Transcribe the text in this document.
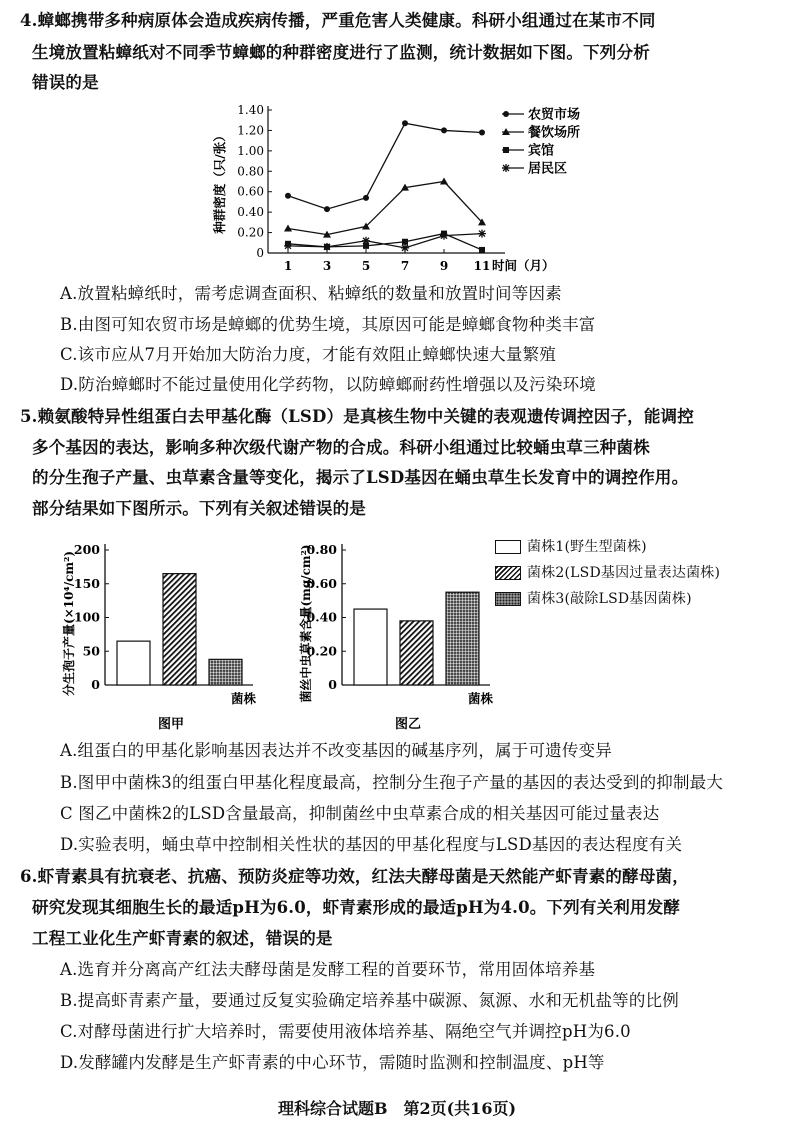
4.蟑螂携带多种病原体会造成疾病传播，严重危害人类健康。科研小组通过在某市不同
生境放置粘蟑纸对不同季节蟑螂的种群密度进行了监测，统计数据如下图。下列分析
错误的是
1.40
1.20
1.00
0.80
0.60
0.40
0.20
0
1	3	5	7	9 11 时间（月）
种群密度（只/张）
农贸市场
餐饮场所
宾馆
居民区
A.放置粘蟑纸时，需考虑调查面积、粘蟑纸的数量和放置时间等因素
B.由图可知农贸市场是蟑螂的优势生境，其原因可能是蟑螂食物种类丰富
C.该市应从7月开始加大防治力度，才能有效阻止蟑螂快速大量繁殖
D.防治蟑螂时不能过量使用化学药物，以防蟑螂耐药性增强以及污染环境
5.赖氨酸特异性组蛋白去甲基化酶（LSD）是真核生物中关键的表观遗传调控因子，能调控
多个基因的表达，影响多种次级代谢产物的合成。科研小组通过比较蛹虫草三种菌株
的分生孢子产量、虫草素含量等变化，揭示了LSD基因在蛹虫草生长发育中的调控作用。
部分结果如下图所示。下列有关叙述错误的是
200
150
100
50
0
菌株
分生孢子产量(×10⁴/cm²)
图甲
0.80
0.60
0.40
0.20
0
菌株
菌丝中虫草素含量(mg/cm²)
图乙
菌株1(野生型菌株)
菌株2(LSD基因过量表达菌株)
菌株3(敲除LSD基因菌株)
A.组蛋白的甲基化影响基因表达并不改变基因的碱基序列，属于可遗传变异
B.图甲中菌株3的组蛋白甲基化程度最高，控制分生孢子产量的基因的表达受到的抑制最大
C 图乙中菌株2的LSD含量最高，抑制菌丝中虫草素合成的相关基因可能过量表达
D.实验表明，蛹虫草中控制相关性状的基因的甲基化程度与LSD基因的表达程度有关
6.虾青素具有抗衰老、抗癌、预防炎症等功效，红法夫酵母菌是天然能产虾青素的酵母菌，
研究发现其细胞生长的最适pH为6.0，虾青素形成的最适pH为4.0。下列有关利用发酵
工程工业化生产虾青素的叙述，错误的是
A.选育并分离高产红法夫酵母菌是发酵工程的首要环节，常用固体培养基
B.提高虾青素产量，要通过反复实验确定培养基中碳源、氮源、水和无机盐等的比例
C.对酵母菌进行扩大培养时，需要使用液体培养基、隔绝空气并调控pH为6.0
D.发酵罐内发酵是生产虾青素的中心环节，需随时监测和控制温度、pH等
理科综合试题B　第2页(共16页)
